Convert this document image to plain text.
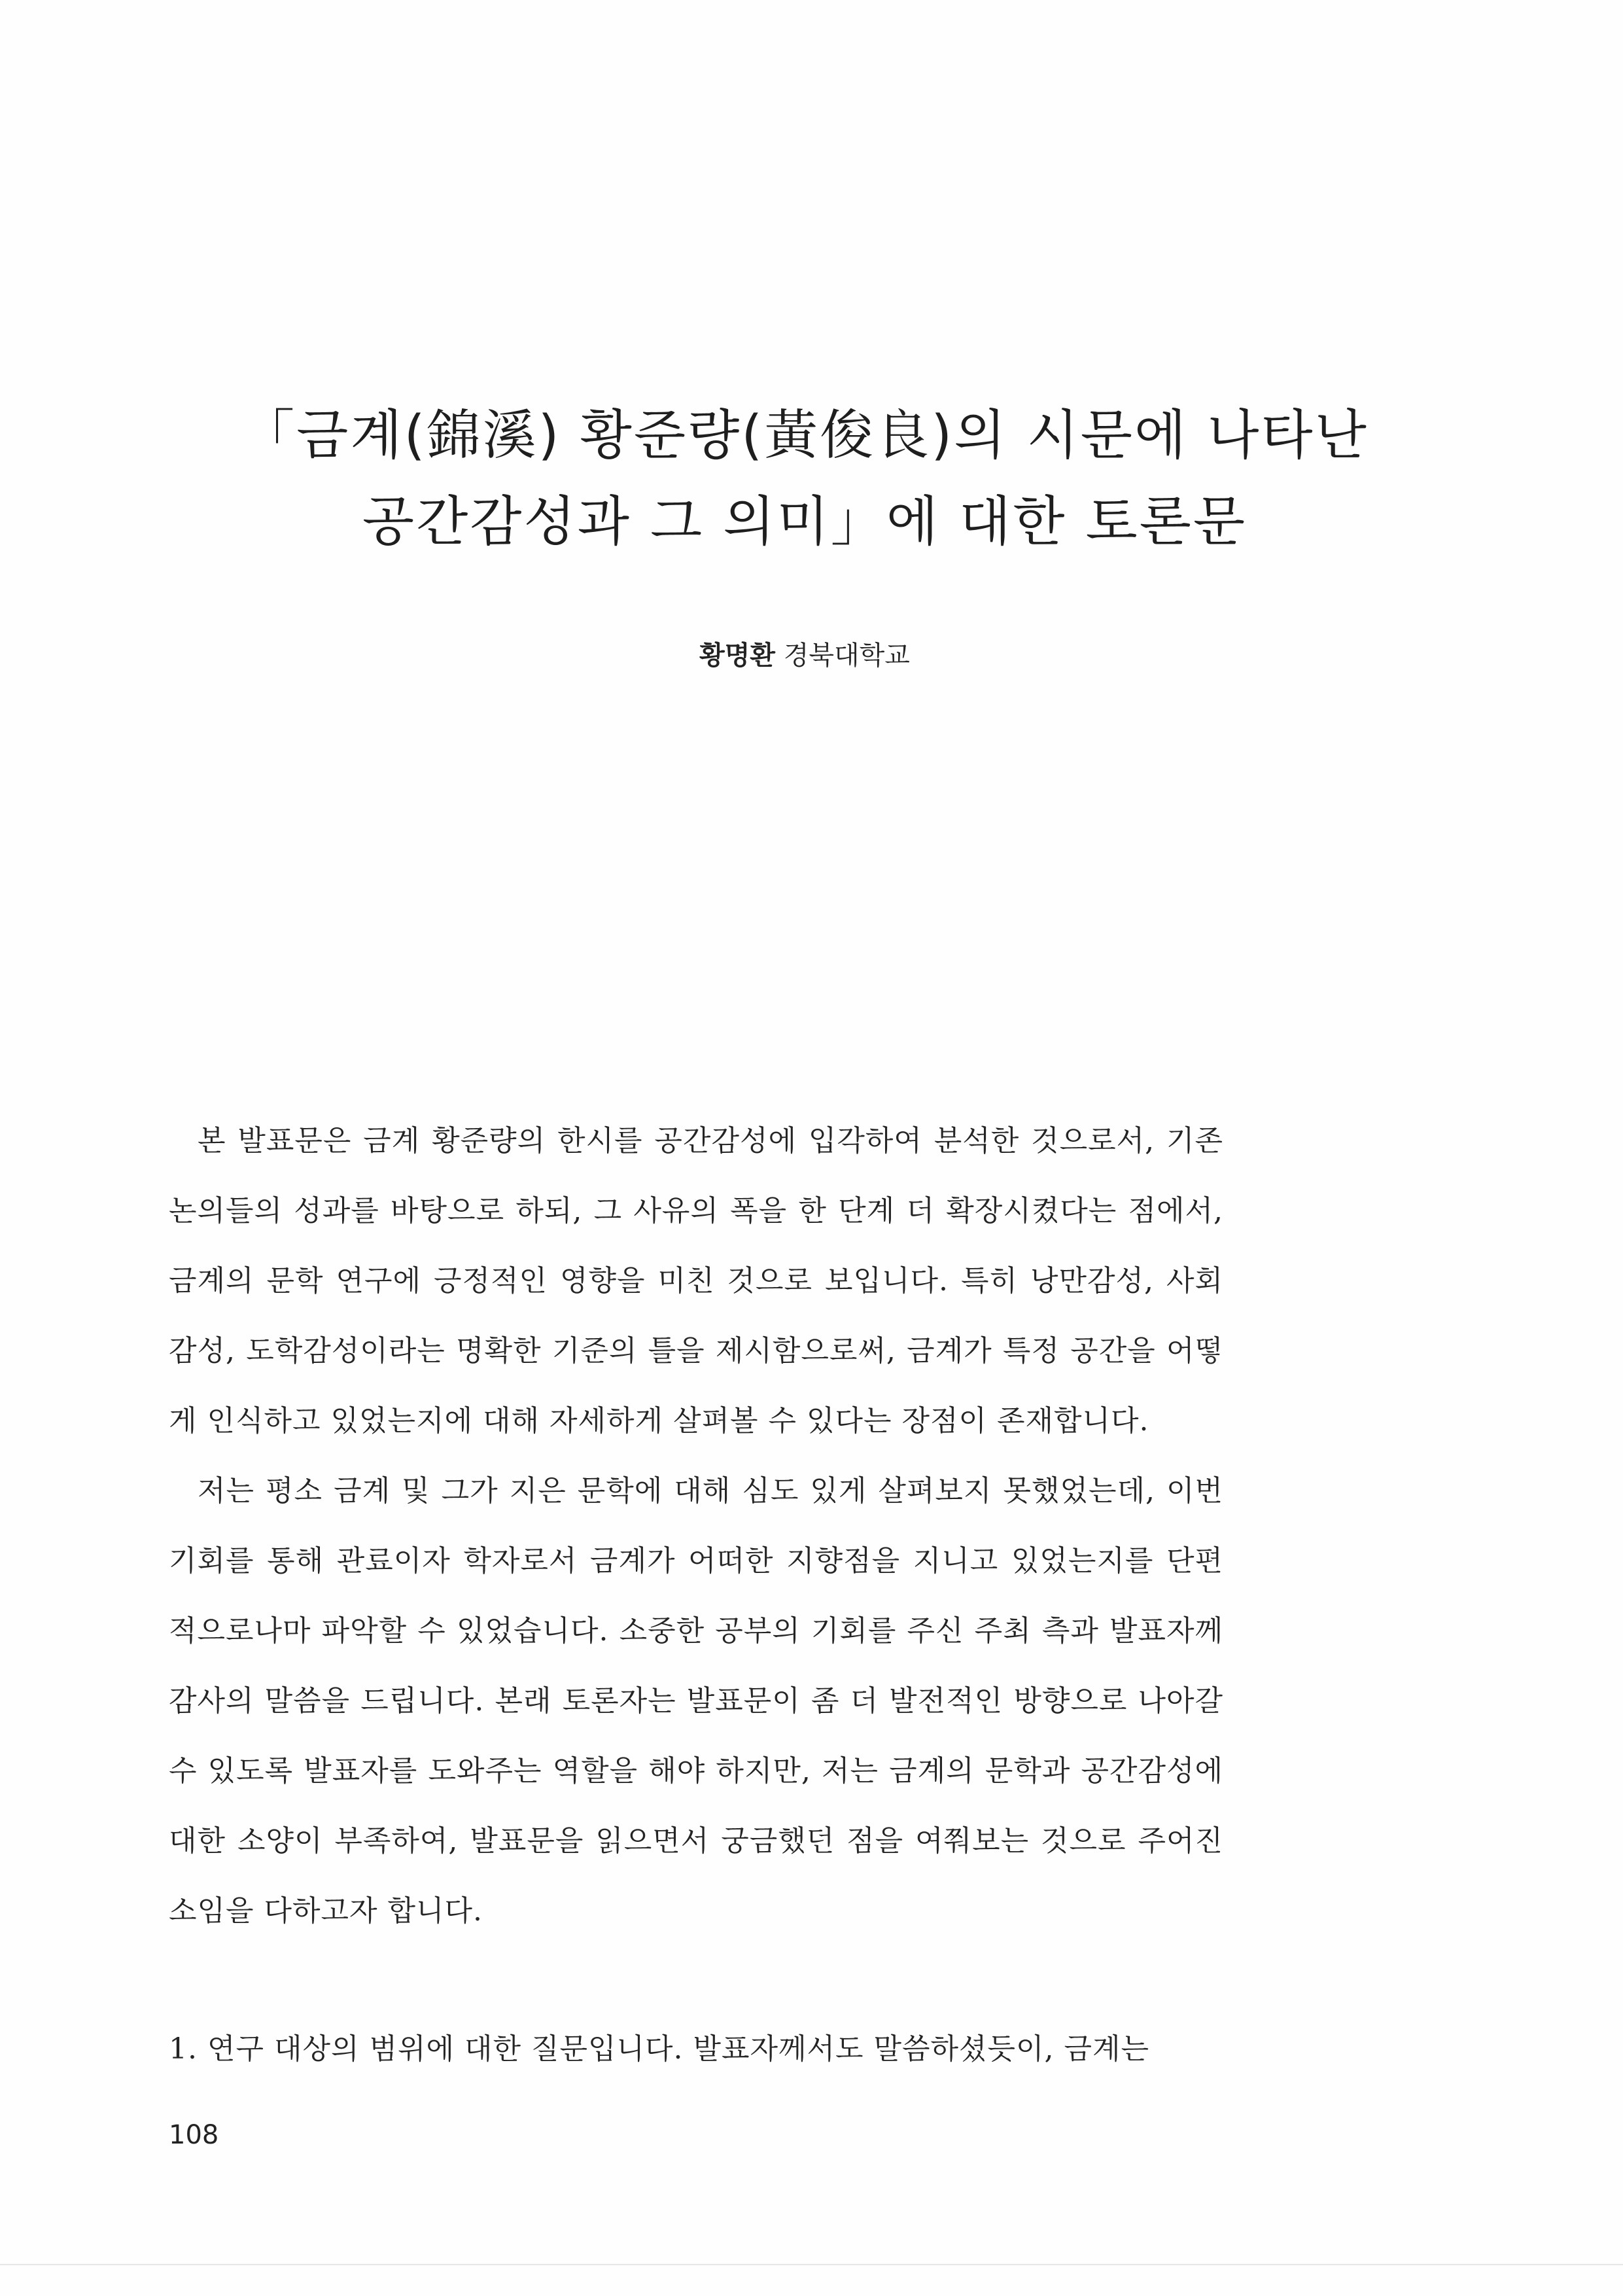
「금계(錦溪) 황준량(黃俊良)의 시문에 나타난
공간감성과 그 의미」에 대한 토론문
황명환 경북대학교

본 발표문은 금계 황준량의 한시를 공간감성에 입각하여 분석한 것으로서, 기존 논의들의 성과를 바탕으로 하되, 그 사유의 폭을 한 단계 더 확장시켰다는 점에서, 금계의 문학 연구에 긍정적인 영향을 미친 것으로 보입니다. 특히 낭만감성, 사회감성, 도학감성이라는 명확한 기준의 틀을 제시함으로써, 금계가 특정 공간을 어떻게 인식하고 있었는지에 대해 자세하게 살펴볼 수 있다는 장점이 존재합니다.

저는 평소 금계 및 그가 지은 문학에 대해 심도 있게 살펴보지 못했었는데, 이번 기회를 통해 관료이자 학자로서 금계가 어떠한 지향점을 지니고 있었는지를 단편적으로나마 파악할 수 있었습니다. 소중한 공부의 기회를 주신 주최 측과 발표자께 감사의 말씀을 드립니다. 본래 토론자는 발표문이 좀 더 발전적인 방향으로 나아갈 수 있도록 발표자를 도와주는 역할을 해야 하지만, 저는 금계의 문학과 공간감성에 대한 소양이 부족하여, 발표문을 읽으면서 궁금했던 점을 여쭤보는 것으로 주어진 소임을 다하고자 합니다.

1. 연구 대상의 범위에 대한 질문입니다. 발표자께서도 말씀하셨듯이, 금계는

108
